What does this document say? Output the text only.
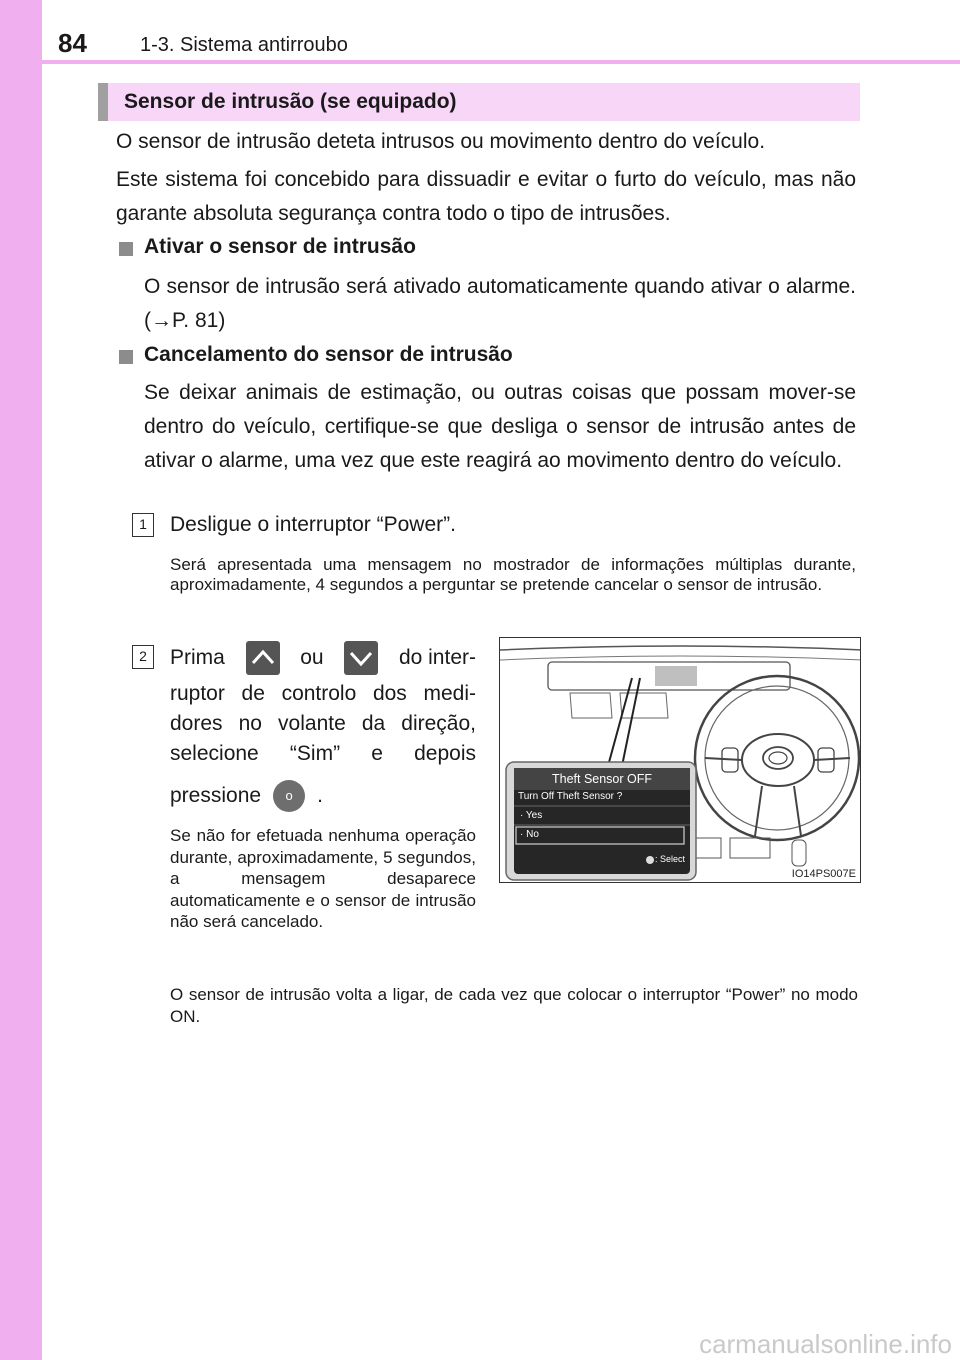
84	1-3. Sistema antirroubo
Sensor de intrusão (se equipado)
O sensor de intrusão deteta intrusos ou movimento dentro do veículo.
Este sistema foi concebido para dissuadir e evitar o furto do veículo, mas não garante absoluta segurança contra todo o tipo de intrusões.
Ativar o sensor de intrusão
O sensor de intrusão será ativado automaticamente quando ativar o alarme. (→P. 81)
Cancelamento do sensor de intrusão
Se deixar animais de estimação, ou outras coisas que possam mover-se dentro do veículo, certifique-se que desliga o sensor de intrusão antes de ativar o alarme, uma vez que este reagirá ao movimento dentro do veículo.
1	Desligue o interruptor “Power”.
Será apresentada uma mensagem no mostrador de informações múltiplas durante, aproximadamente, 4 segundos a perguntar se pretende cancelar o sensor de intrusão.
2	Prima	ou	do inter-
ruptor de controlo dos medi-
dores no volante da direção,
selecione “Sim” e depois
pressione	o	.
Se não for efetuada nenhuma operação durante, aproximadamente, 5 segundos, a mensagem desaparece automaticamente e o sensor de intrusão não será cancelado.
Theft Sensor OFF
Turn Off Theft Sensor ?
· Yes
· No
: Select
IO14PS007E
O sensor de intrusão volta a ligar, de cada vez que colocar o interruptor “Power” no modo ON.
carmanualsonline.info
